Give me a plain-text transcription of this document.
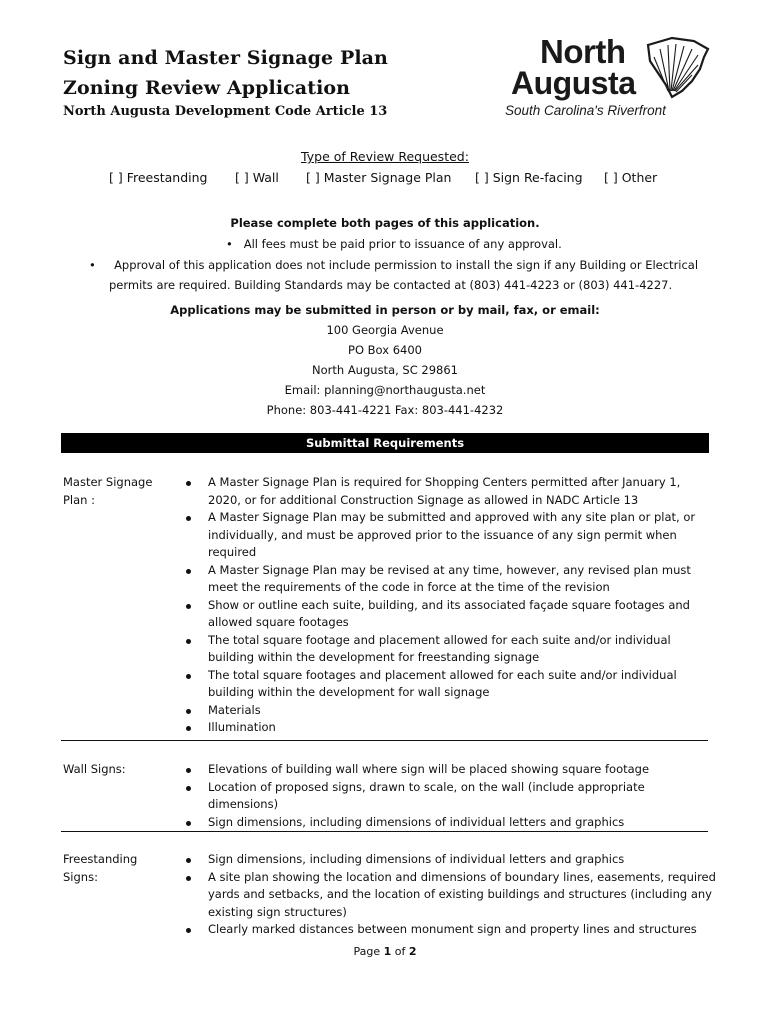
Sign and Master Signage Plan
Zoning Review Application
North Augusta Development Code Article 13
North
Augusta
South Carolina's Riverfront
Type of Review Requested:
[ ] Freestanding [ ] Wall [ ] Master Signage Plan [ ] Sign Re-facing [ ] Other
Please complete both pages of this application.
•   All fees must be paid prior to issuance of any approval.
•     Approval of this application does not include permission to install the sign if any Building or Electrical
permits are required. Building Standards may be contacted at (803) 441-4223 or (803) 441-4227.
Applications may be submitted in person or by mail, fax, or email:
100 Georgia Avenue
PO Box 6400
North Augusta, SC 29861
Email: planning@northaugusta.net
Phone: 803-441-4221 Fax: 803-441-4232
Submittal Requirements
Master Signage
Plan :
A Master Signage Plan is required for Shopping Centers permitted after January 1, 2020, or for additional Construction Signage as allowed in NADC Article 13
A Master Signage Plan may be submitted and approved with any site plan or plat, or individually, and must be approved prior to the issuance of any sign permit when required
A Master Signage Plan may be revised at any time, however, any revised plan must meet the requirements of the code in force at the time of the revision
Show or outline each suite, building, and its associated façade square footages and allowed square footages
The total square footage and placement allowed for each suite and/or individual building within the development for freestanding signage
The total square footages and placement allowed for each suite and/or individual building within the development for wall signage
Materials
Illumination
Wall Signs:	Elevations of building wall where sign will be placed showing square footage
Location of proposed signs, drawn to scale, on the wall (include appropriate dimensions)
Sign dimensions, including dimensions of individual letters and graphics
Freestanding
Signs:
Sign dimensions, including dimensions of individual letters and graphics
A site plan showing the location and dimensions of boundary lines, easements, required yards and setbacks, and the location of existing buildings and structures (including any existing sign structures)
Clearly marked distances between monument sign and property lines and structures
Page 1 of 2
